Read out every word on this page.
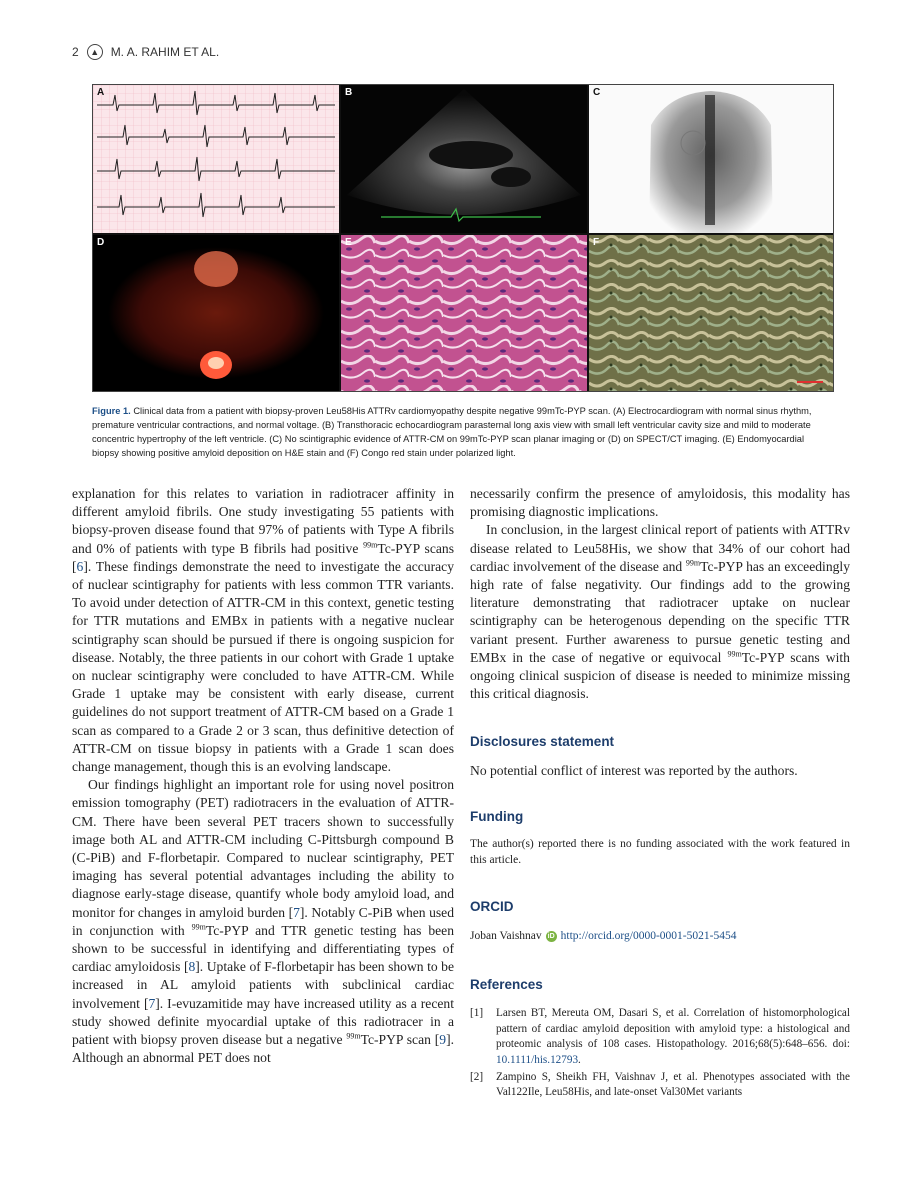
2	▲ M. A. RAHIM ET AL.
A	B	C
D	E	F
Figure 1. Clinical data from a patient with biopsy-proven Leu58His ATTRv cardiomyopathy despite negative 99mTc-PYP scan. (A) Electrocardiogram with normal sinus rhythm, premature ventricular contractions, and normal voltage. (B) Transthoracic echocardiogram parasternal long axis view with small left ventricular cavity size and mild to moderate concentric hypertrophy of the left ventricle. (C) No scintigraphic evidence of ATTR-CM on 99mTc-PYP scan planar imaging or (D) on SPECT/CT imaging. (E) Endomyocardial biopsy showing positive amyloid deposition on H&E stain and (F) Congo red stain under polarized light.

explanation for this relates to variation in radiotracer affinity in different amyloid fibrils. One study investigating 55 patients with biopsy-proven disease found that 97% of patients with Type A fibrils and 0% of patients with type B fibrils had positive $^{99m}$Tc-PYP scans [6]. These findings demonstrate the need to investigate the accuracy of nuclear scintigraphy for patients with less common TTR variants. To avoid under detection of ATTR-CM in this context, genetic testing for TTR mutations and EMBx in patients with a negative nuclear scintigraphy scan should be pursued if there is ongoing suspicion for disease. Notably, the three patients in our cohort with Grade 1 uptake on nuclear scintigraphy were concluded to have ATTR-CM. While Grade 1 uptake may be consistent with early disease, current guidelines do not support treatment of ATTR-CM based on a Grade 1 scan as compared to a Grade 2 or 3 scan, thus definitive detection of ATTR-CM on tissue biopsy in patients with a Grade 1 scan does change management, though this is an evolving landscape.

Our findings highlight an important role for using novel positron emission tomography (PET) radiotracers in the evaluation of ATTR-CM. There have been several PET tracers shown to successfully image both AL and ATTR-CM including C-Pittsburgh compound B (C-PiB) and F-florbetapir. Compared to nuclear scintigraphy, PET imaging has several potential advantages including the ability to diagnose early-stage disease, quantify whole body amyloid load, and monitor for changes in amyloid burden [7]. Notably C-PiB when used in conjunction with $^{99m}$Tc-PYP and TTR genetic testing has been shown to be successful in identifying and differentiating types of cardiac amyloidosis [8]. Uptake of F-florbetapir has been shown to be increased in AL amyloid patients with subclinical cardiac involvement [7]. I-evuzamitide may have increased utility as a recent study showed definite myocardial uptake of this radiotracer in a patient with biopsy proven disease but a negative $^{99m}$Tc-PYP scan [9]. Although an abnormal PET does not

necessarily confirm the presence of amyloidosis, this modality has promising diagnostic implications.

In conclusion, in the largest clinical report of patients with ATTRv disease related to Leu58His, we show that 34% of our cohort had cardiac involvement of the disease and $^{99m}$Tc-PYP has an exceedingly high rate of false negativity. Our findings add to the growing literature demonstrating that radiotracer uptake on nuclear scintigraphy can be heterogenous depending on the specific TTR variant present. Further awareness to pursue genetic testing and EMBx in the case of negative or equivocal $^{99m}$Tc-PYP scans with ongoing clinical suspicion of disease is needed to minimize missing this critical diagnosis.

Disclosures statement

No potential conflict of interest was reported by the authors.

Funding

The author(s) reported there is no funding associated with the work featured in this article.

ORCID

Joban Vaishnav iD http://orcid.org/0000-0001-5021-5454

References
[1]	Larsen BT, Mereuta OM, Dasari S, et al. Correlation of histomorphological pattern of cardiac amyloid deposition with amyloid type: a histological and proteomic analysis of 108 cases. Histopathology. 2016;68(5):648–656. doi: 10.1111/his.12793.
[2]	Zampino S, Sheikh FH, Vaishnav J, et al. Phenotypes associated with the Val122Ile, Leu58His, and late-onset Val30Met variants
